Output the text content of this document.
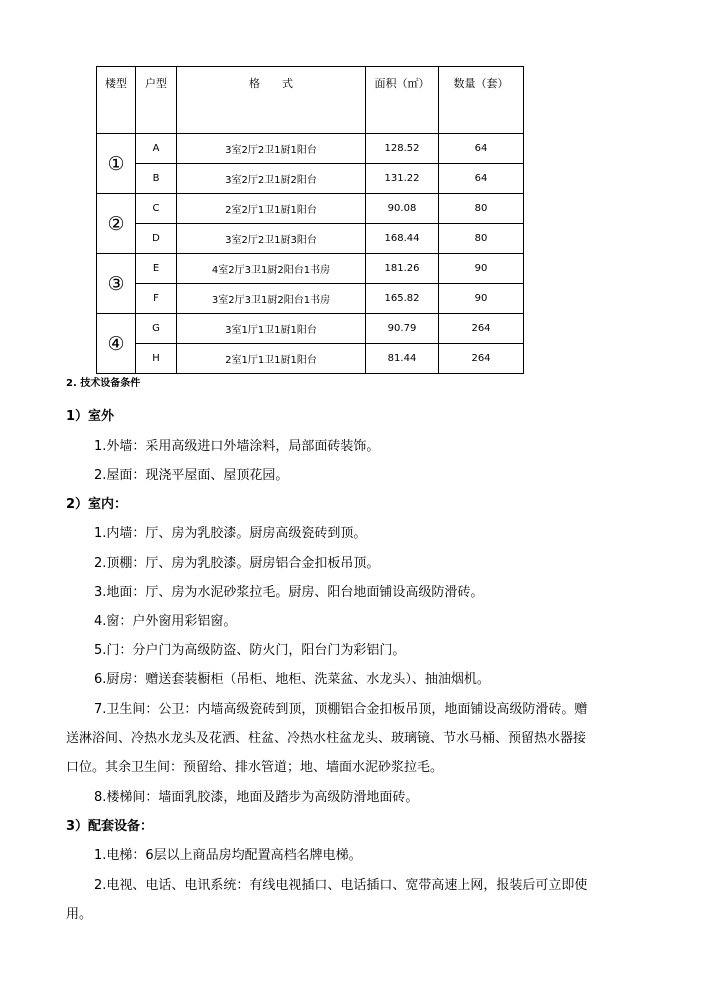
楼型	户型	格　　式	面积（㎡）	数量（套）
①	A	3室2厅2卫1厨1阳台	128.52	64
	B	3室2厅2卫1厨2阳台	131.22	64
②	C	2室2厅1卫1厨1阳台	90.08	80
	D	3室2厅2卫1厨3阳台	168.44	80
③	E	4室2厅3卫1厨2阳台1书房	181.26	90
	F	3室2厅3卫1厨2阳台1书房	165.82	90
④	G	3室1厅1卫1厨1阳台	90.79	264
	H	2室1厅1卫1厨1阳台	81.44	264
2. 技术设备条件
1）室外
1.外墙：采用高级进口外墙涂料，局部面砖装饰。
2.屋面：现浇平屋面、屋顶花园。
2）室内：
1.内墙：厅、房为乳胶漆。厨房高级瓷砖到顶。
2.顶棚：厅、房为乳胶漆。厨房铝合金扣板吊顶。
3.地面：厅、房为水泥砂浆拉毛。厨房、阳台地面铺设高级防滑砖。
4.窗：户外窗用彩铝窗。
5.门：分户门为高级防盗、防火门，阳台门为彩铝门。
6.厨房：赠送套装橱柜（吊柜、地柜、洗菜盆、水龙头）、抽油烟机。
7.卫生间：公卫：内墙高级瓷砖到顶，顶棚铝合金扣板吊顶，地面铺设高级防滑砖。赠
送淋浴间、冷热水龙头及花洒、柱盆、冷热水柱盆龙头、玻璃镜、节水马桶、预留热水器接
口位。其余卫生间：预留给、排水管道；地、墙面水泥砂浆拉毛。
8.楼梯间：墙面乳胶漆，地面及踏步为高级防滑地面砖。
3）配套设备：
1.电梯：6层以上商品房均配置高档名牌电梯。
2.电视、电话、电讯系统：有线电视插口、电话插口、宽带高速上网，报装后可立即使
用。
